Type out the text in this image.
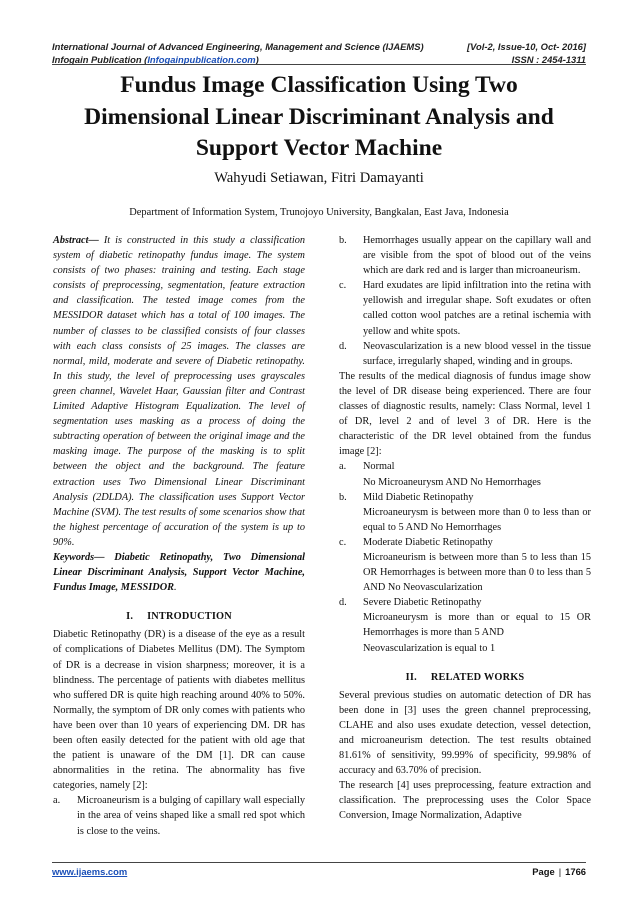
International Journal of Advanced Engineering, Management and Science (IJAEMS)	[Vol-2, Issue-10, Oct- 2016]
Infogain Publication (Infogainpublication.com)	ISSN : 2454-1311
Fundus Image Classification Using Two
Dimensional Linear Discriminant Analysis and
Support Vector Machine
Wahyudi Setiawan, Fitri Damayanti
Department of Information System, Trunojoyo University, Bangkalan, East Java, Indonesia

Abstract— It is constructed in this study a classification system of diabetic retinopathy fundus image. The system consists of two phases: training and testing. Each stage consists of preprocessing, segmentation, feature extraction and classification. The tested image comes from the MESSIDOR dataset which has a total of 100 images. The number of classes to be classified consists of four classes with each class consists of 25 images. The classes are normal, mild, moderate and severe of Diabetic retinopathy. In this study, the level of preprocessing uses grayscales green channel, Wavelet Haar, Gaussian filter and Contrast Limited Adaptive Histogram Equalization. The level of segmentation uses masking as a process of doing the subtracting operation of between the original image and the masking image. The purpose of the masking is to split between the object and the background. The feature extraction uses Two Dimensional Linear Discriminant Analysis (2DLDA). The classification uses Support Vector Machine (SVM). The test results of some scenarios show that the highest percentage of accuration of the system is up to 90%.

Keywords— Diabetic Retinopathy, Two Dimensional Linear Discriminant Analysis, Support Vector Machine, Fundus Image, MESSIDOR.

I. INTRODUCTION

Diabetic Retinopathy (DR) is a disease of the eye as a result of complications of Diabetes Mellitus (DM). The Symptom of DR is a decrease in vision sharpness; moreover, it is a blindness. The percentage of patients with diabetes mellitus who suffered DR is quite high reaching around 40% to 50%. Normally, the symptom of DR only comes with patients who have been over than 10 years of experiencing DM. DR has been often easily detected for the patient with old age that the patient is unaware of the DM [1]. DR can cause abnormalities in the retina. The abnormality has five categories, namely [2]:

a.	Microaneurism is a bulging of capillary wall especially in the area of veins shaped like a small red spot which is close to the veins.
b.	Hemorrhages usually appear on the capillary wall and are visible from the spot of blood out of the veins which are dark red and is larger than microaneurism.
c.	Hard exudates are lipid infiltration into the retina with yellowish and irregular shape. Soft exudates or often called cotton wool patches are a retinal ischemia with yellow and white spots.
d.	Neovascularization is a new blood vessel in the tissue surface, irregularly shaped, winding and in groups.

The results of the medical diagnosis of fundus image show the level of DR disease being experienced. There are four classes of diagnostic results, namely: Class Normal, level 1 of DR, level 2 and of level 3 of DR. Here is the characteristic of the DR level obtained from the fundus image [2]:

a.	Normal
No Microaneurysm AND No Hemorrhages
b.	Mild Diabetic Retinopathy
Microaneurysm is between more than 0 to less than or equal to 5 AND No Hemorrhages
c.	Moderate Diabetic Retinopathy
Microaneurism is between more than 5 to less than 15 OR Hemorrhages is between more than 0 to less than 5 AND No Neovascularization
d.	Severe Diabetic Retinopathy
Microaneurysm is more than or equal to 15 OR Hemorrhages is more than 5 AND
Neovascularization is equal to 1
II. RELATED WORKS

Several previous studies on automatic detection of DR has been done in [3] uses the green channel preprocessing, CLAHE and also uses exudate detection, vessel detection, and microaneurism detection. The test results obtained 81.61% of sensitivity, 99.99% of specificity, 99.98% of accuracy and 63.70% of precision.

The research [4] uses preprocessing, feature extraction and classification. The preprocessing uses the Color Space Conversion, Image Normalization, Adaptive

www.ijaems.com	Page | 1766
